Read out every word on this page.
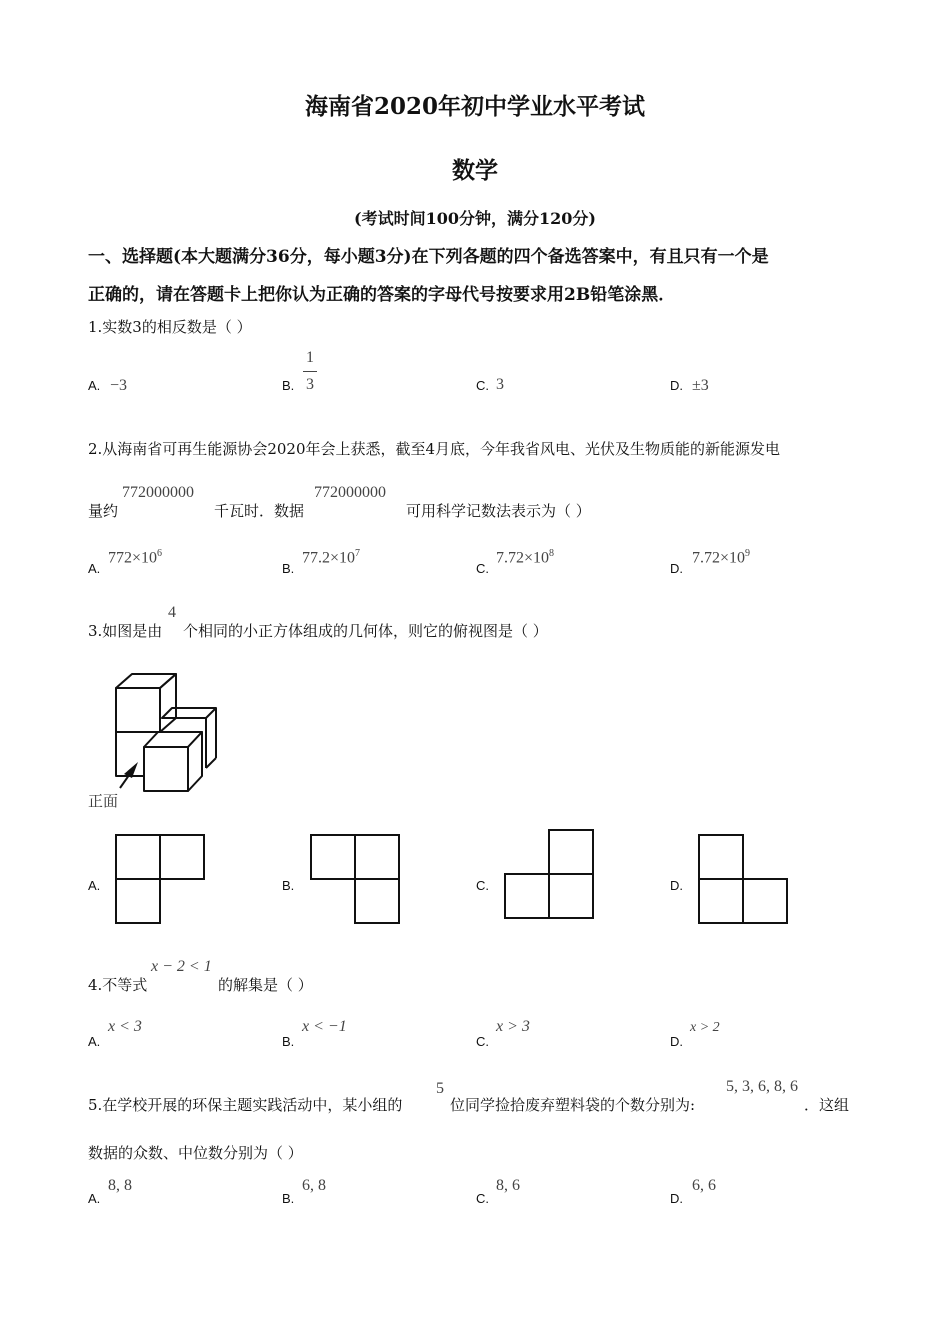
海南省2020年初中学业水平考试
数学
(考试时间100分钟，满分120分)
一、选择题(本大题满分36分，每小题3分)在下列各题的四个备选答案中，有且只有一个是
正确的，请在答题卡上把你认为正确的答案的字母代号按要求用2B铅笔涂黑．
1.实数3的相反数是（ ）
A. −3	B.
1
3	C. 3	D. ±3
2.从海南省可再生能源协会2020年会上获悉，截至4月底，今年我省风电、光伏及生物质能的新能源发电
量约
772000000
千瓦时．数据
772000000
可用科学记数法表示为（ ）
A.
$772\times 10^6$
B.
$77.2\times 10^7$
C.
$7.72\times 10^8$
D.
$7.72\times 10^9$
3.如图是由
4
个相同的小正方体组成的几何体，则它的俯视图是（ ）
正面
A.	B.	C.	D.
4.不等式
x − 2 < 1
的解集是（ ）
A.
x < 3
B.
x < −1
C.
x > 3
D.
x > 2
5.在学校开展的环保主题实践活动中，某小组的
5
位同学捡拾废弃塑料袋的个数分别为:
5, 3, 6, 8, 6
．这组
数据的众数、中位数分别为（ ）
A.
8, 8
B.
6, 8
C.
8, 6
D.
6, 6
